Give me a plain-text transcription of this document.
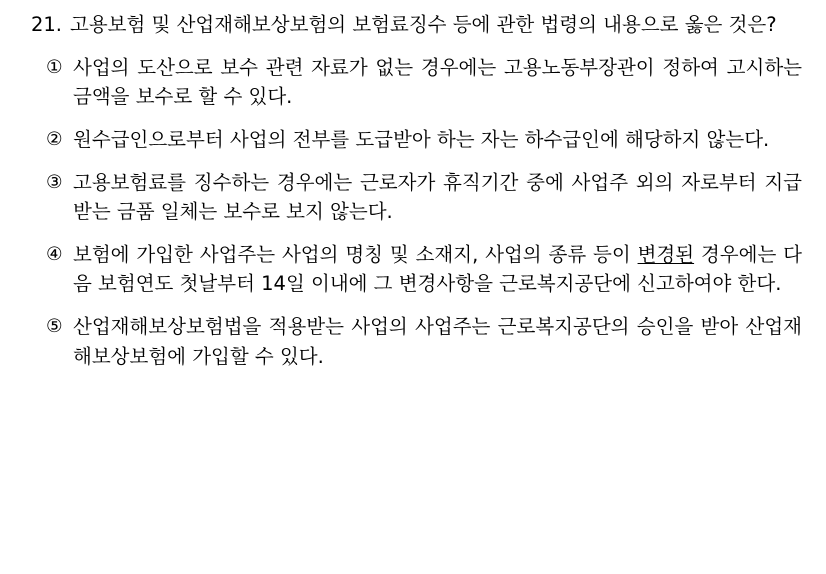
21. 고용보험 및 산업재해보상보험의 보험료징수 등에 관한 법령의 내용으로 옳은 것은?
① 사업의 도산으로 보수 관련 자료가 없는 경우에는 고용노동부장관이 정하여 고시하는 금액을 보수로 할 수 있다.
② 원수급인으로부터 사업의 전부를 도급받아 하는 자는 하수급인에 해당하지 않는다.
③ 고용보험료를 징수하는 경우에는 근로자가 휴직기간 중에 사업주 외의 자로부터 지급받는 금품 일체는 보수로 보지 않는다.
④ 보험에 가입한 사업주는 사업의 명칭 및 소재지, 사업의 종류 등이 변경된 경우에는 다음 보험연도 첫날부터 14일 이내에 그 변경사항을 근로복지공단에 신고하여야 한다.
⑤ 산업재해보상보험법을 적용받는 사업의 사업주는 근로복지공단의 승인을 받아 산업재해보상보험에 가입할 수 있다.
